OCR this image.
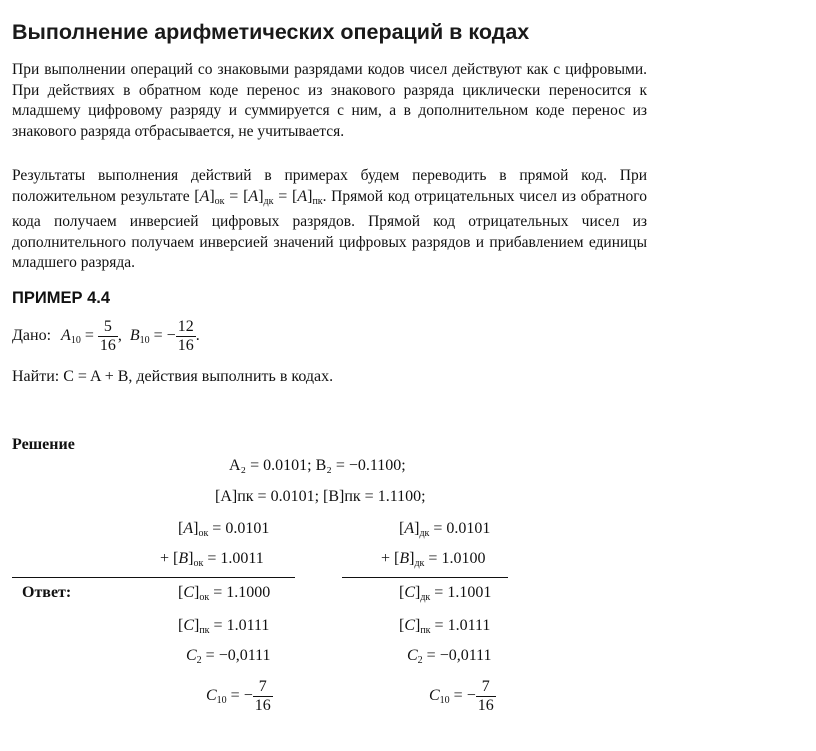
Выполнение арифметических операций в кодах

При выполнении операций со знаковыми разрядами кодов чисел действуют как с цифровыми. При действиях в обратном коде перенос из знакового разряда циклически переносится к младшему цифровому разряду и суммируется с ним, а в дополнительном коде перенос из знакового разряда отбрасывается, не учитывается.

Результаты выполнения действий в примерах будем переводить в прямой код. При положительном результате $[A]_{ок} = [A]_{дк} = [A]_{пк}$. Прямой код отрицательных чисел из обратного кода получаем инверсией цифровых разрядов. Прямой код отрицательных чисел из дополнительного получаем инверсией значений цифровых разрядов и прибавлением единицы младшего разряда.

ПРИМЕР 4.4
Дано: $A_{10} = \frac{5}{16}$ , $B_{10}$ = − $\frac{12}{16}$ .
Найти: C = A + B, действия выполнить в кодах.
Решение
A₂ = 0.0101; B₂ = −0.1100;
[A]пк = 0.0101; [B]пк = 1.1100;
$[A]_{ок} = 0.0101$
+ $[B]_{ок} = 1.0011$
Ответ:	$[C]_{ок} = 1.1000$
$[C]_{пк} = 1.0111$
$C_2 = -0,0111$
$C_{10}$ = − $\frac{7}{16}$
$[A]_{дк} = 0.0101$
+ $[B]_{дк} = 1.0100$
$[C]_{дк} = 1.1001$
$[C]_{пк} = 1.0111$
$C_2 = -0,0111$
$C_{10}$ = − $\frac{7}{16}$
